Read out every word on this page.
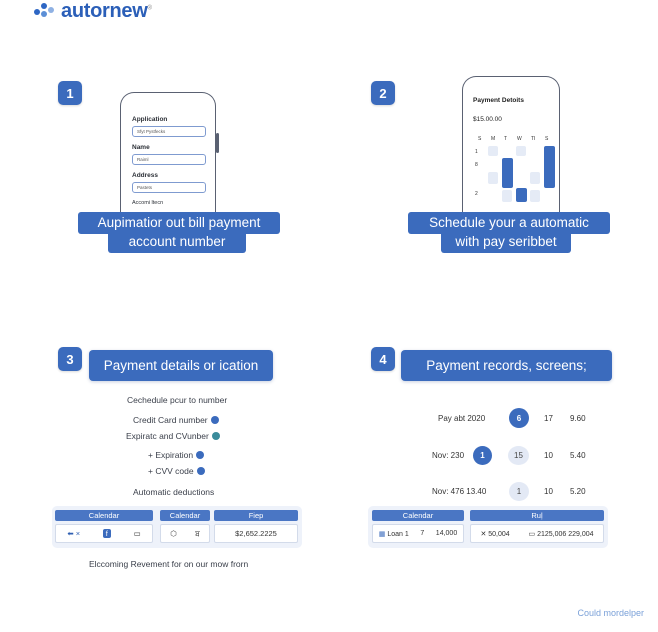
autornew®
1
Application
Sfyt Pystfecks
Name
Raiml
Address
Pastets
Accomi ltecn
Aupimatior out bill payment
account number
2	Payment Detoits
$15.00.00
S M T W TI S
1
8
2
Schedule your a automatic
with pay seribbet
3	Payment details or ication
Cechedule pcur to number
Credit Card number
Expiratc and CVunber
+ Expiration
+ CVV code
Automatic deductions
Calendar
⬅ ×	f	▭
Calendar
⬡ ਬ
Fiep
$2,652.2225
Elccoming Revement for on our mow frorn
4	Payment records, screens;
Pay abt 2020	6	17 9.60
Nov: 230	1	15	10 5.40
Nov: 476 13.40	1	10 5.20
Calendar
▦ Loan 1 7 14,000
Ruļ
✕ 50,004	▭ 2125,006 229,004
Could mordelper
